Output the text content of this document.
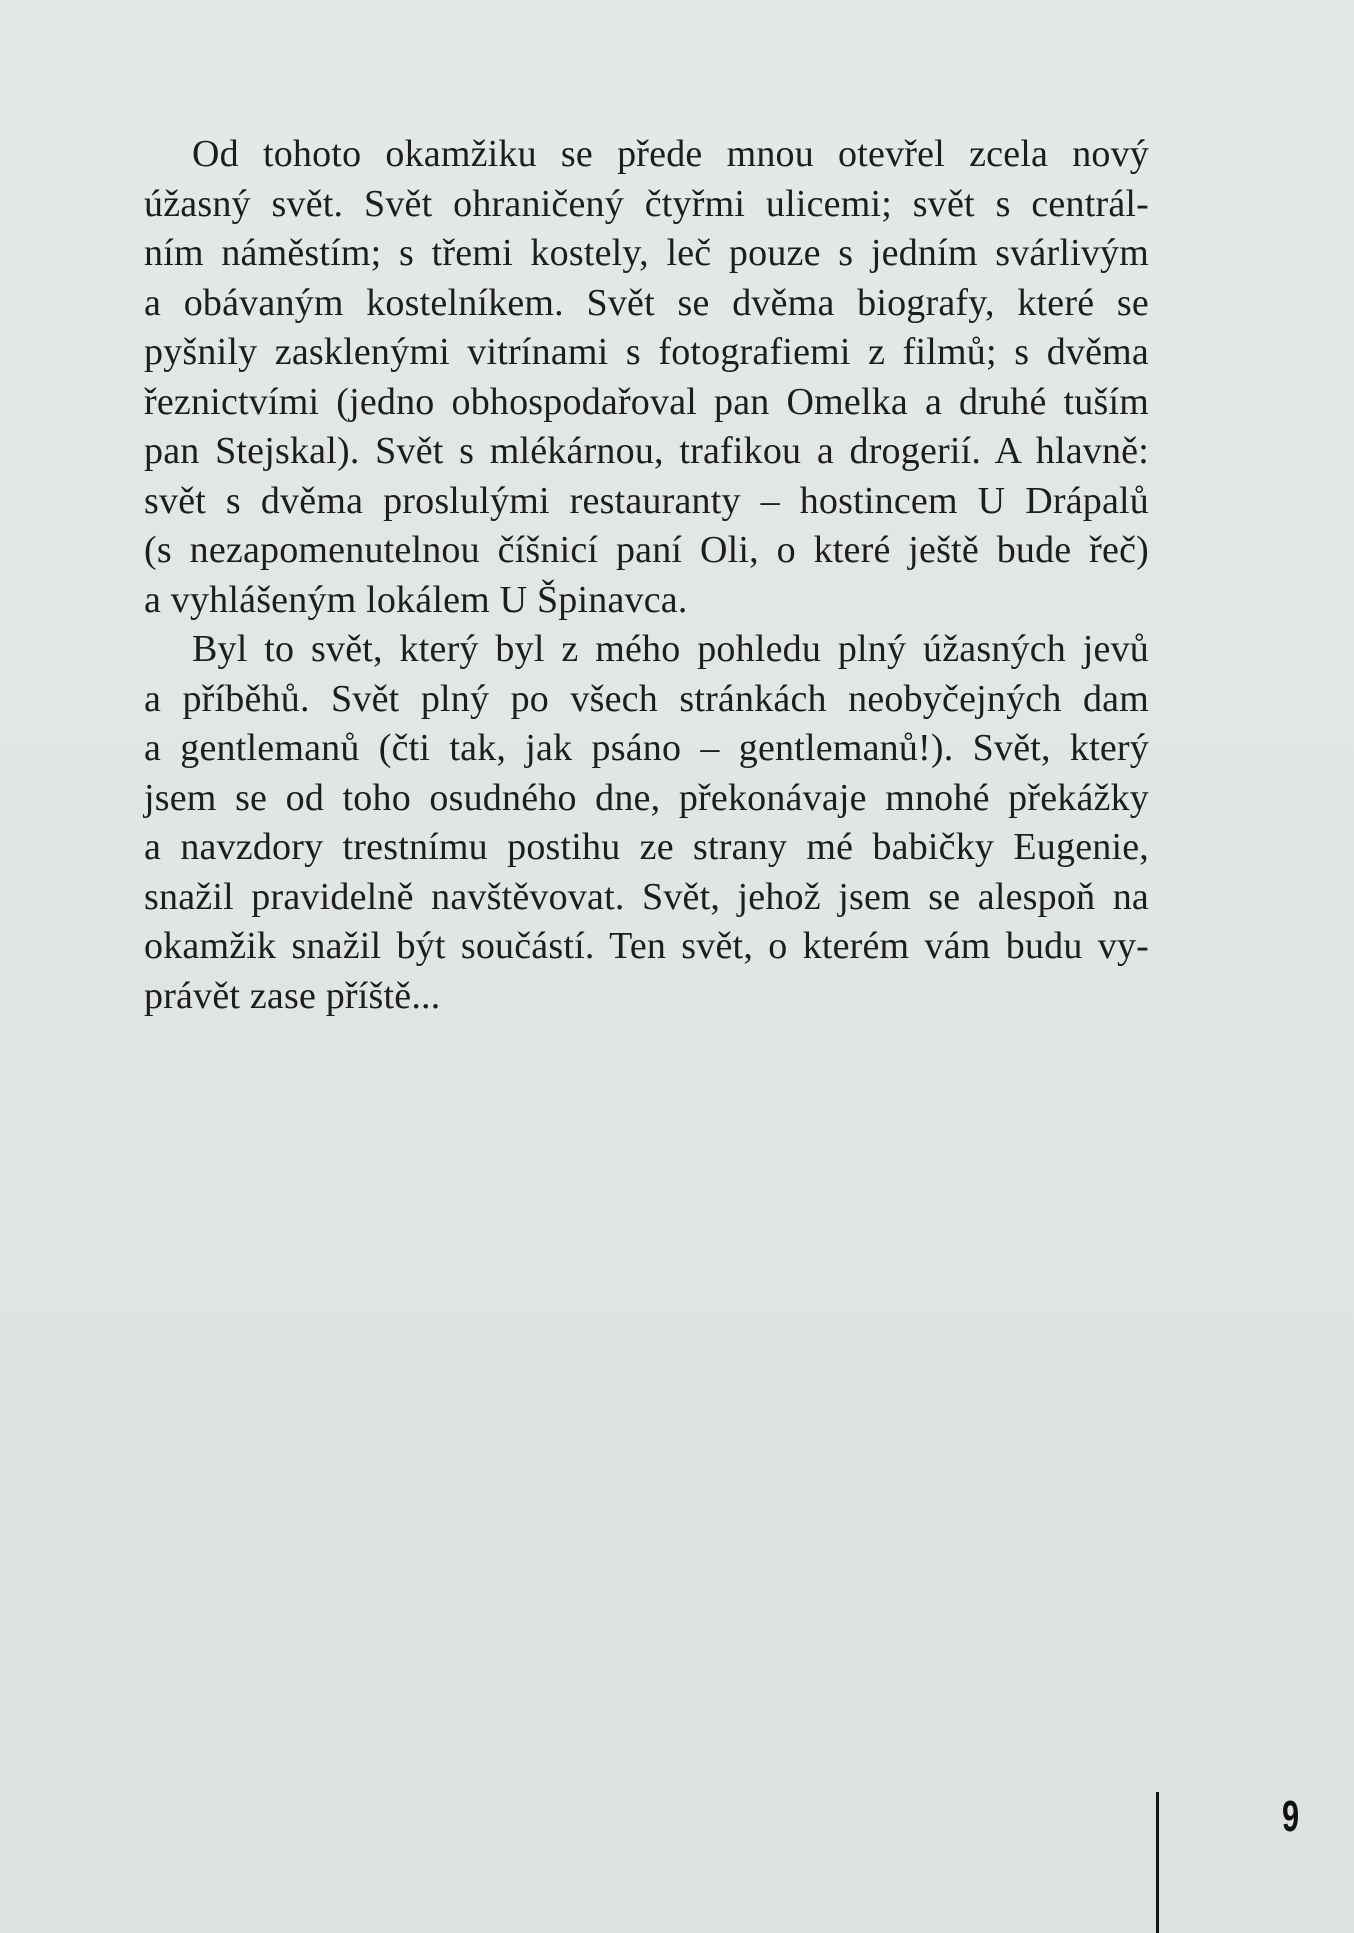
Od tohoto okamžiku se přede mnou otevřel zcela nový
úžasný svět. Svět ohraničený čtyřmi ulicemi; svět s centrál-
ním náměstím; s třemi kostely, leč pouze s jedním svárlivým
a obávaným kostelníkem. Svět se dvěma biografy, které se
pyšnily zasklenými vitrínami s fotografiemi z filmů; s dvěma
řeznictvími (jedno obhospodařoval pan Omelka a druhé tuším
pan Stejskal). Svět s mlékárnou, trafikou a drogerií. A hlavně:
svět s dvěma proslulými restauranty – hostincem U Drápalů
(s nezapomenutelnou číšnicí paní Oli, o které ještě bude řeč)
a vyhlášeným lokálem U Špinavca.
Byl to svět, který byl z mého pohledu plný úžasných jevů
a příběhů. Svět plný po všech stránkách neobyčejných dam
a gentlemanů (čti tak, jak psáno – gentlemanů!). Svět, který
jsem se od toho osudného dne, překonávaje mnohé překážky
a navzdory trestnímu postihu ze strany mé babičky Eugenie,
snažil pravidelně navštěvovat. Svět, jehož jsem se alespoň na
okamžik snažil být součástí. Ten svět, o kterém vám budu vy-
právět zase příště...
9
